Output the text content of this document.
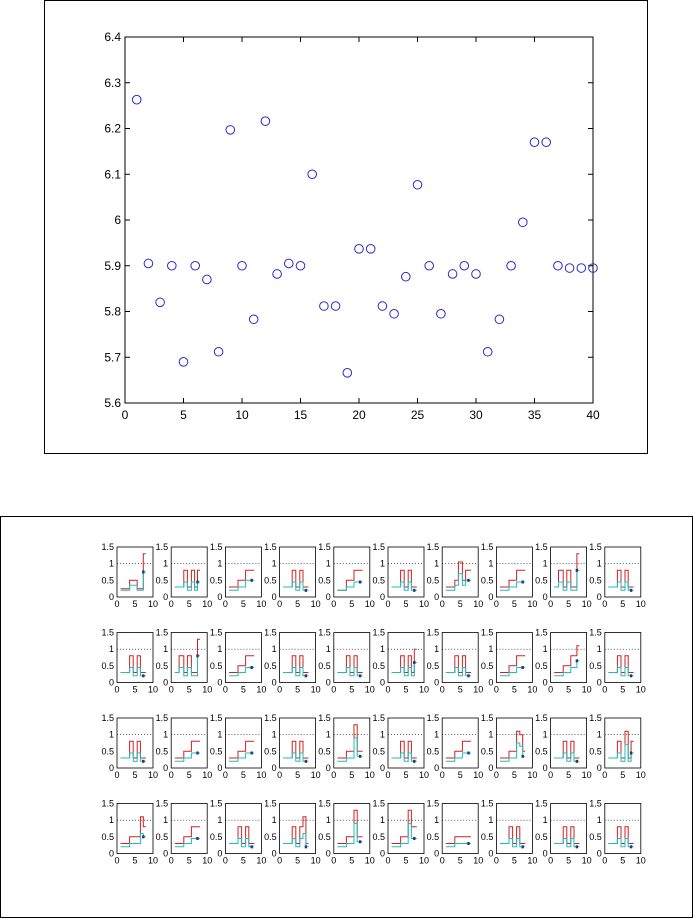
0	5	10	15	20	25	30	35	40
5.6
5.7
5.8
5.9
6
6.1
6.2
6.3
6.4
0
0.5
1
1.5
0 5 10
0
0.5
1
1.5
0 5 10
0
0.5
1
1.5
0 5 10
0
0.5
1
1.5
0 5 10
0
0.5
1
1.5
0 5 10
0
0.5
1
1.5
0 5 10
0
0.5
1
1.5
0 5 10
0
0.5
1
1.5
0 5 10
0
0.5
1
1.5
0 5 10
0
0.5
1
1.5
0 5 10
0
0.5
1
1.5
0 5 10
0
0.5
1
1.5
0 5 10
0
0.5
1
1.5
0 5 10
0
0.5
1
1.5
0 5 10
0
0.5
1
1.5
0 5 10
0
0.5
1
1.5
0 5 10
0
0.5
1
1.5
0 5 10
0
0.5
1
1.5
0 5 10
0
0.5
1
1.5
0 5 10
0
0.5
1
1.5
0 5 10
0
0.5
1
1.5
0 5 10
0
0.5
1
1.5
0 5 10
0
0.5
1
1.5
0 5 10
0
0.5
1
1.5
0 5 10
0
0.5
1
1.5
0 5 10
0
0.5
1
1.5
0 5 10
0
0.5
1
1.5
0 5 10
0
0.5
1
1.5
0 5 10
0
0.5
1
1.5
0 5 10
0
0.5
1
1.5
0 5 10
0
0.5
1
1.5
0 5 10
0
0.5
1
1.5
0 5 10
0
0.5
1
1.5
0 5 10
0
0.5
1
1.5
0 5 10
0
0.5
1
1.5
0 5 10
0
0.5
1
1.5
0 5 10
0
0.5
1
1.5
0 5 10
0
0.5
1
1.5
0 5 10
0
0.5
1
1.5
0 5 10
0
0.5
1
1.5
0 5 10
